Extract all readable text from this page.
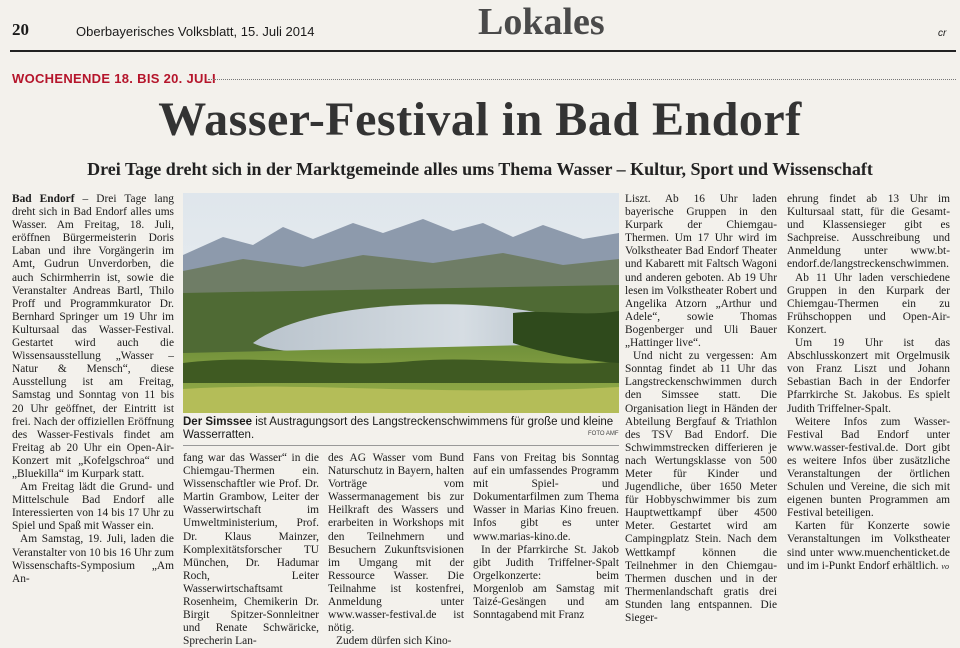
20	Oberbayerisches Volksblatt, 15. Juli 2014	Lokales	cr
WOCHENENDE 18. BIS 20. JULI
Wasser-Festival in Bad Endorf
Drei Tage dreht sich in der Marktgemeinde alles ums Thema Wasser – Kultur, Sport und Wissenschaft

Bad Endorf – Drei Tage lang dreht sich in Bad Endorf alles ums Wasser. Am Freitag, 18. Juli, eröffnen Bürgermeisterin Doris Laban und ihre Vorgängerin im Amt, Gudrun Unverdorben, die auch Schirmherrin ist, sowie die Veranstalter Andreas Bartl, Thilo Proff und Programmkurator Dr. Bernhard Springer um 19 Uhr im Kultursaal das Wasser-Festival. Gestartet wird auch die Wissensausstellung „Wasser – Natur & Mensch“, diese Ausstellung ist am Freitag, Samstag und Sonntag von 11 bis 20 Uhr geöffnet, der Eintritt ist frei. Nach der offiziellen Eröffnung des Wasser-Festivals findet am Freitag ab 20 Uhr ein Open-Air-Konzert mit „Kofelgschroa“ und „Bluekilla“ im Kurpark statt.

Am Freitag lädt die Grund- und Mittelschule Bad Endorf alle Interessierten von 14 bis 17 Uhr zu Spiel und Spaß mit Wasser ein.

Am Samstag, 19. Juli, laden die Veranstalter von 10 bis 16 Uhr zum Wissenschafts-Symposium „Am An-

Der Simssee ist Austragungsort des Langstreckenschwimmens für große und kleine Wasserratten.	FOTO AMF

fang war das Wasser“ in die Chiemgau-Thermen ein. Wissenschaftler wie Prof. Dr. Martin Grambow, Leiter der Wasserwirtschaft im Umweltministerium, Prof. Dr. Klaus Mainzer, Komplexitätsforscher TU München, Dr. Hadumar Roch, Leiter Wasserwirtschaftsamt Rosenheim, Chemikerin Dr. Birgit Spitzer-Sonnleitner und Renate Schwäricke, Sprecherin Lan-

des AG Wasser vom Bund Naturschutz in Bayern, halten Vorträge vom Wassermanagement bis zur Heilkraft des Wassers und erarbeiten in Workshops mit den Teilnehmern und Besuchern Zukunftsvisionen im Umgang mit der Ressource Wasser. Die Teilnahme ist kostenfrei, Anmeldung unter www.wasser-festival.de ist nötig.

Zudem dürfen sich Kino-

Fans von Freitag bis Sonntag auf ein umfassendes Programm mit Spiel- und Dokumentarfilmen zum Thema Wasser in Marias Kino freuen. Infos gibt es unter www.marias-kino.de.

In der Pfarrkirche St. Jakob gibt Judith Triffelner-Spalt Orgelkonzerte: beim Morgenlob am Samstag mit Taizé-Gesängen und am Sonntagabend mit Franz

Liszt. Ab 16 Uhr laden bayerische Gruppen in den Kurpark der Chiemgau-Thermen. Um 17 Uhr wird im Volkstheater Bad Endorf Theater und Kabarett mit Faltsch Wagoni und anderen geboten. Ab 19 Uhr lesen im Volkstheater Robert und Angelika Atzorn „Arthur und Adele“, sowie Thomas Bogenberger und Uli Bauer „Hattinger live“.

Und nicht zu vergessen: Am Sonntag findet ab 11 Uhr das Langstreckenschwimmen durch den Simssee statt. Die Organisation liegt in Händen der Abteilung Bergfauf & Triathlon des TSV Bad Endorf. Die Schwimmstrecken differieren je nach Wertungsklasse von 500 Meter für Kinder und Jugendliche, über 1650 Meter für Hobbyschwimmer bis zum Hauptwettkampf über 4500 Meter. Gestartet wird am Campingplatz Stein. Nach dem Wettkampf können die Teilnehmer in den Chiemgau-Thermen duschen und in der Thermenlandschaft gratis drei Stunden lang entspannen. Die Sieger-

ehrung findet ab 13 Uhr im Kultursaal statt, für die Gesamt- und Klassensieger gibt es Sachpreise. Ausschreibung und Anmeldung unter www.bt-endorf.de/langstreckenschwimmen.

Ab 11 Uhr laden verschiedene Gruppen in den Kurpark der Chiemgau-Thermen ein zu Frühschoppen und Open-Air-Konzert.

Um 19 Uhr ist das Abschlusskonzert mit Orgelmusik von Franz Liszt und Johann Sebastian Bach in der Endorfer Pfarrkirche St. Jakobus. Es spielt Judith Triffelner-Spalt.

Weitere Infos zum Wasser-Festival Bad Endorf unter www.wasser-festival.de. Dort gibt es weitere Infos über zusätzliche Veranstaltungen der örtlichen Schulen und Vereine, die sich mit eigenen bunten Programmen am Festival beteiligen.

Karten für Konzerte sowie Veranstaltungen im Volkstheater sind unter www.muenchenticket.de und im i-Punkt Endorf erhältlich. vo
